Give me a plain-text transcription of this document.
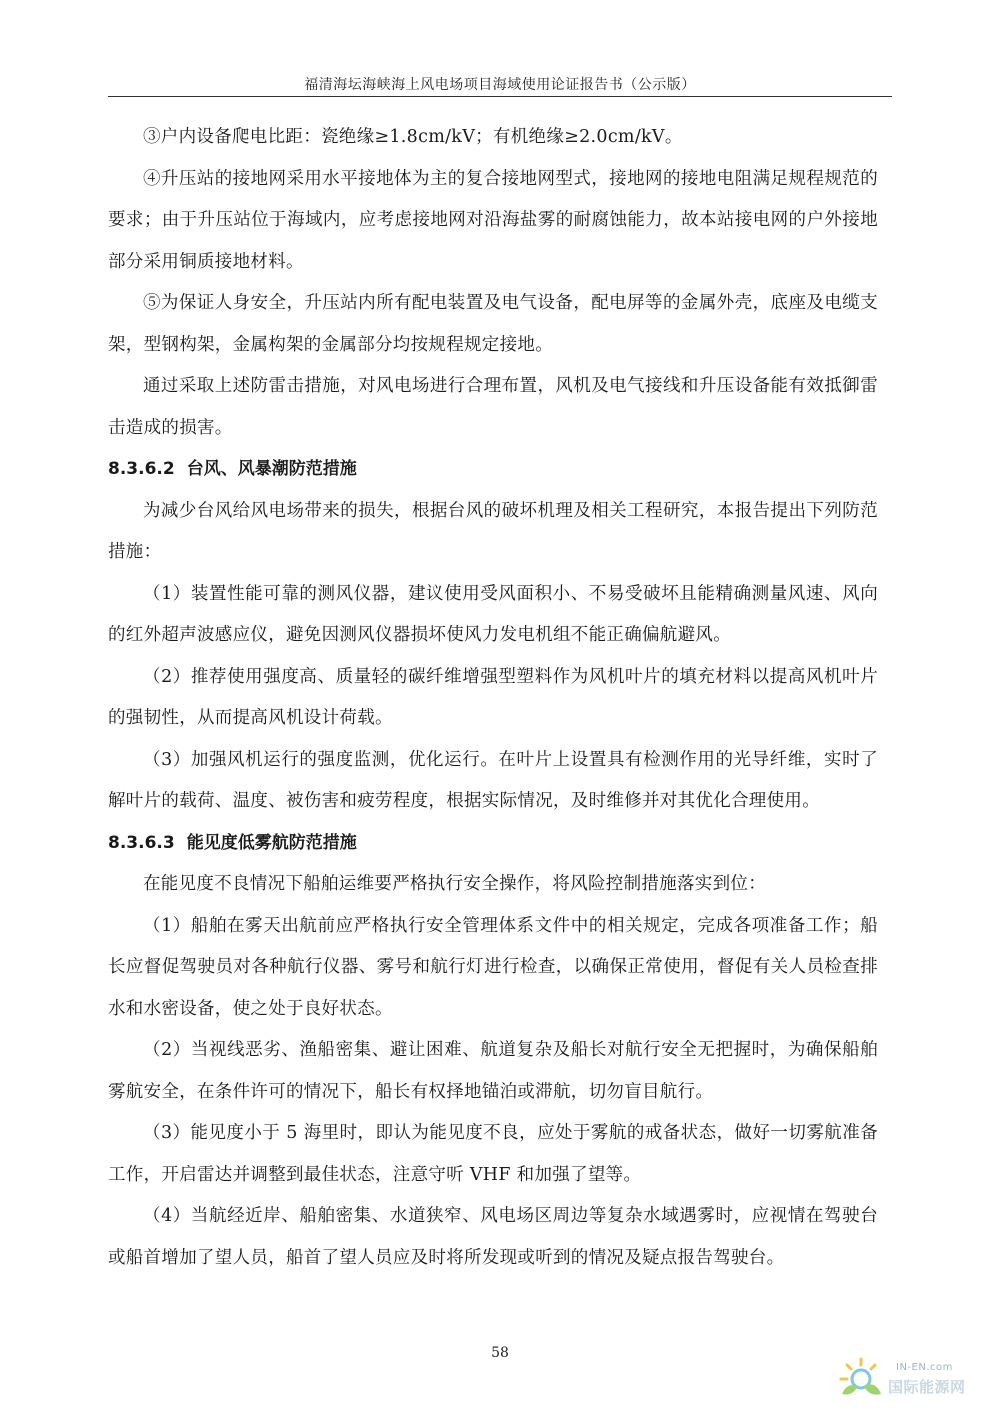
福清海坛海峡海上风电场项目海域使用论证报告书（公示版）

③户内设备爬电比距：瓷绝缘≥1.8cm/kV；有机绝缘≥2.0cm/kV。

④升压站的接地网采用水平接地体为主的复合接地网型式，接地网的接地电阻满足规程规范的要求；由于升压站位于海域内，应考虑接地网对沿海盐雾的耐腐蚀能力，故本站接电网的户外接地部分采用铜质接地材料。

⑤为保证人身安全，升压站内所有配电装置及电气设备，配电屏等的金属外壳，底座及电缆支架，型钢构架，金属构架的金属部分均按规程规定接地。

通过采取上述防雷击措施，对风电场进行合理布置，风机及电气接线和升压设备能有效抵御雷击造成的损害。

8.3.6.2 台风、风暴潮防范措施

为减少台风给风电场带来的损失，根据台风的破坏机理及相关工程研究，本报告提出下列防范措施：

（1）装置性能可靠的测风仪器，建议使用受风面积小、不易受破坏且能精确测量风速、风向的红外超声波感应仪，避免因测风仪器损坏使风力发电机组不能正确偏航避风。

（2）推荐使用强度高、质量轻的碳纤维增强型塑料作为风机叶片的填充材料以提高风机叶片的强韧性，从而提高风机设计荷载。

（3）加强风机运行的强度监测，优化运行。在叶片上设置具有检测作用的光导纤维，实时了解叶片的载荷、温度、被伤害和疲劳程度，根据实际情况，及时维修并对其优化合理使用。

8.3.6.3 能见度低雾航防范措施

在能见度不良情况下船舶运维要严格执行安全操作，将风险控制措施落实到位：

（1）船舶在雾天出航前应严格执行安全管理体系文件中的相关规定，完成各项准备工作；船长应督促驾驶员对各种航行仪器、雾号和航行灯进行检查，以确保正常使用，督促有关人员检查排水和水密设备，使之处于良好状态。

（2）当视线恶劣、渔船密集、避让困难、航道复杂及船长对航行安全无把握时，为确保船舶雾航安全，在条件许可的情况下，船长有权择地锚泊或滞航，切勿盲目航行。

（3）能见度小于 5 海里时，即认为能见度不良，应处于雾航的戒备状态，做好一切雾航准备工作，开启雷达并调整到最佳状态，注意守听 VHF 和加强了望等。

（4）当航经近岸、船舶密集、水道狭窄、风电场区周边等复杂水域遇雾时，应视情在驾驶台或船首增加了望人员，船首了望人员应及时将所发现或听到的情况及疑点报告驾驶台。

58
IN-EN.com
国际能源网
